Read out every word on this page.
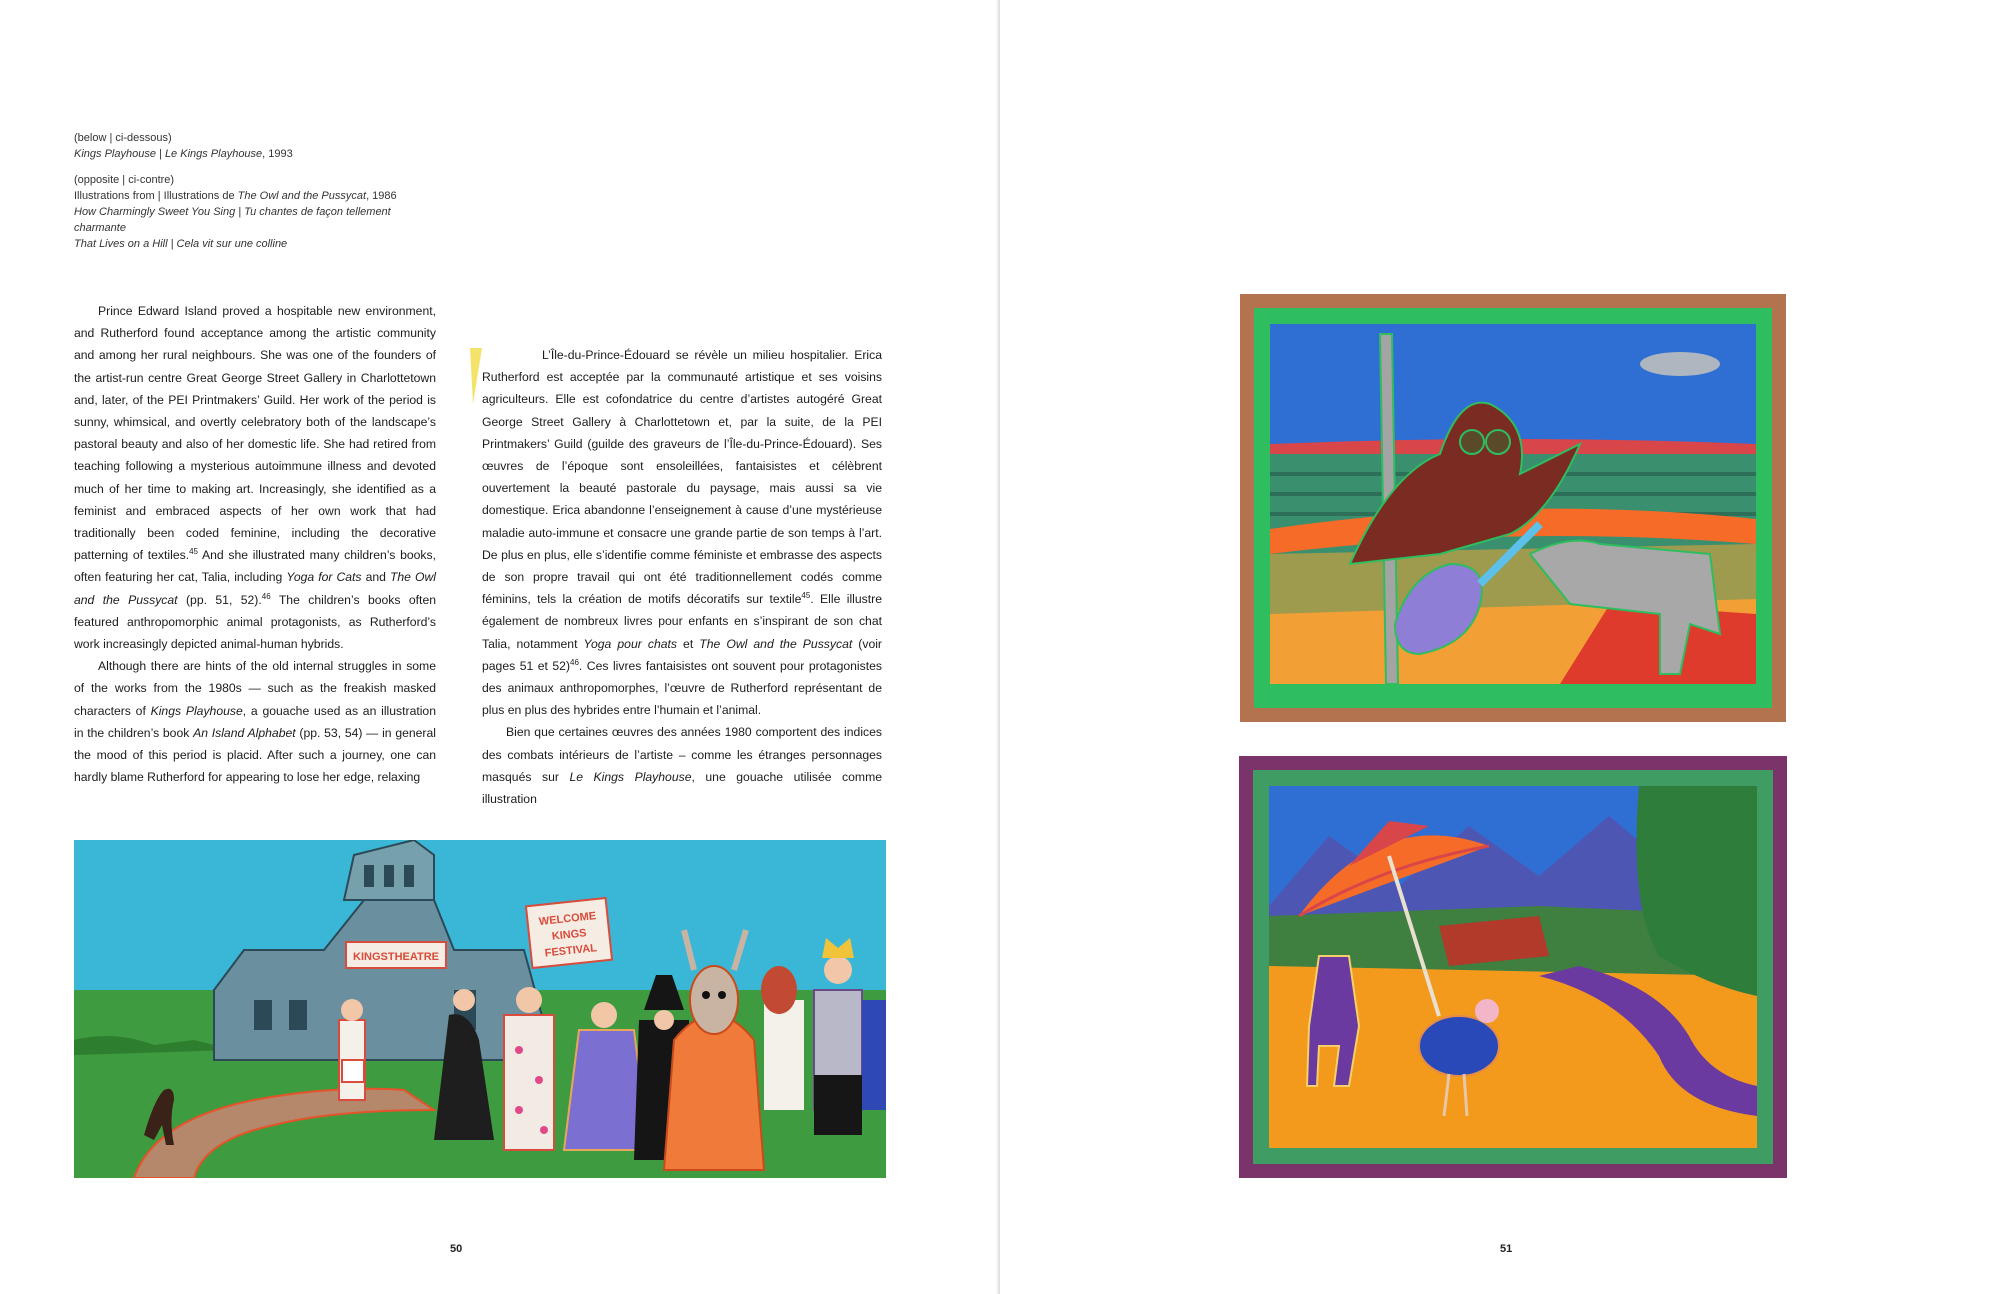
(below | ci-dessous)
Kings Playhouse | Le Kings Playhouse, 1993
(opposite | ci-contre)
Illustrations from | Illustrations de The Owl and the Pussycat, 1986
How Charmingly Sweet You Sing | Tu chantes de façon tellement charmante
That Lives on a Hill | Cela vit sur une colline

Prince Edward Island proved a hospitable new environment, and Rutherford found acceptance among the artistic community and among her rural neighbours. She was one of the founders of the artist-run centre Great George Street Gallery in Charlottetown and, later, of the PEI Printmakers’ Guild. Her work of the period is sunny, whimsical, and overtly celebratory both of the landscape’s pastoral beauty and also of her domestic life. She had retired from teaching following a mysterious autoimmune illness and devoted much of her time to making art. Increasingly, she identified as a feminist and embraced aspects of her own work that had traditionally been coded feminine, including the decorative patterning of textiles.$^{45}$ And she illustrated many children’s books, often featuring her cat, Talia, including Yoga for Cats and The Owl and the Pussycat (pp. 51, 52).$^{46}$ The children’s books often featured anthropomorphic animal protagonists, as Rutherford’s work increasingly depicted animal-human hybrids.

Although there are hints of the old internal struggles in some of the works from the 1980s — such as the freakish masked characters of Kings Playhouse, a gouache used as an illustration in the children’s book An Island Alphabet (pp. 53, 54) — in general the mood of this period is placid. After such a journey, one can hardly blame Rutherford for appearing to lose her edge, relaxing

L’Île-du-Prince-Édouard se révèle un milieu hospitalier. Erica Rutherford est acceptée par la communauté artistique et ses voisins agriculteurs. Elle est cofondatrice du centre d’artistes autogéré Great George Street Gallery à Charlottetown et, par la suite, de la PEI Printmakers’ Guild (guilde des graveurs de l’Île-du-Prince-Édouard). Ses œuvres de l’époque sont ensoleillées, fantaisistes et célèbrent ouvertement la beauté pastorale du paysage, mais aussi sa vie domestique. Erica abandonne l’enseignement à cause d’une mystérieuse maladie auto-immune et consacre une grande partie de son temps à l’art. De plus en plus, elle s’identifie comme féministe et embrasse des aspects de son propre travail qui ont été traditionnellement codés comme féminins, tels la création de motifs décoratifs sur textile$^{45}$. Elle illustre également de nombreux livres pour enfants en s’inspirant de son chat Talia, notamment Yoga pour chats et The Owl and the Pussycat (voir pages 51 et 52)$^{46}$. Ces livres fantaisistes ont souvent pour protagonistes des animaux anthropomorphes, l’œuvre de Rutherford représentant de plus en plus des hybrides entre l’humain et l’animal.

Bien que certaines œuvres des années 1980 comportent des indices des combats intérieurs de l’artiste – comme les étranges personnages masqués sur Le Kings Playhouse, une gouache utilisée comme illustration

KINGSTHEATRE
WELCOME
KINGS
FESTIVAL
50	51
